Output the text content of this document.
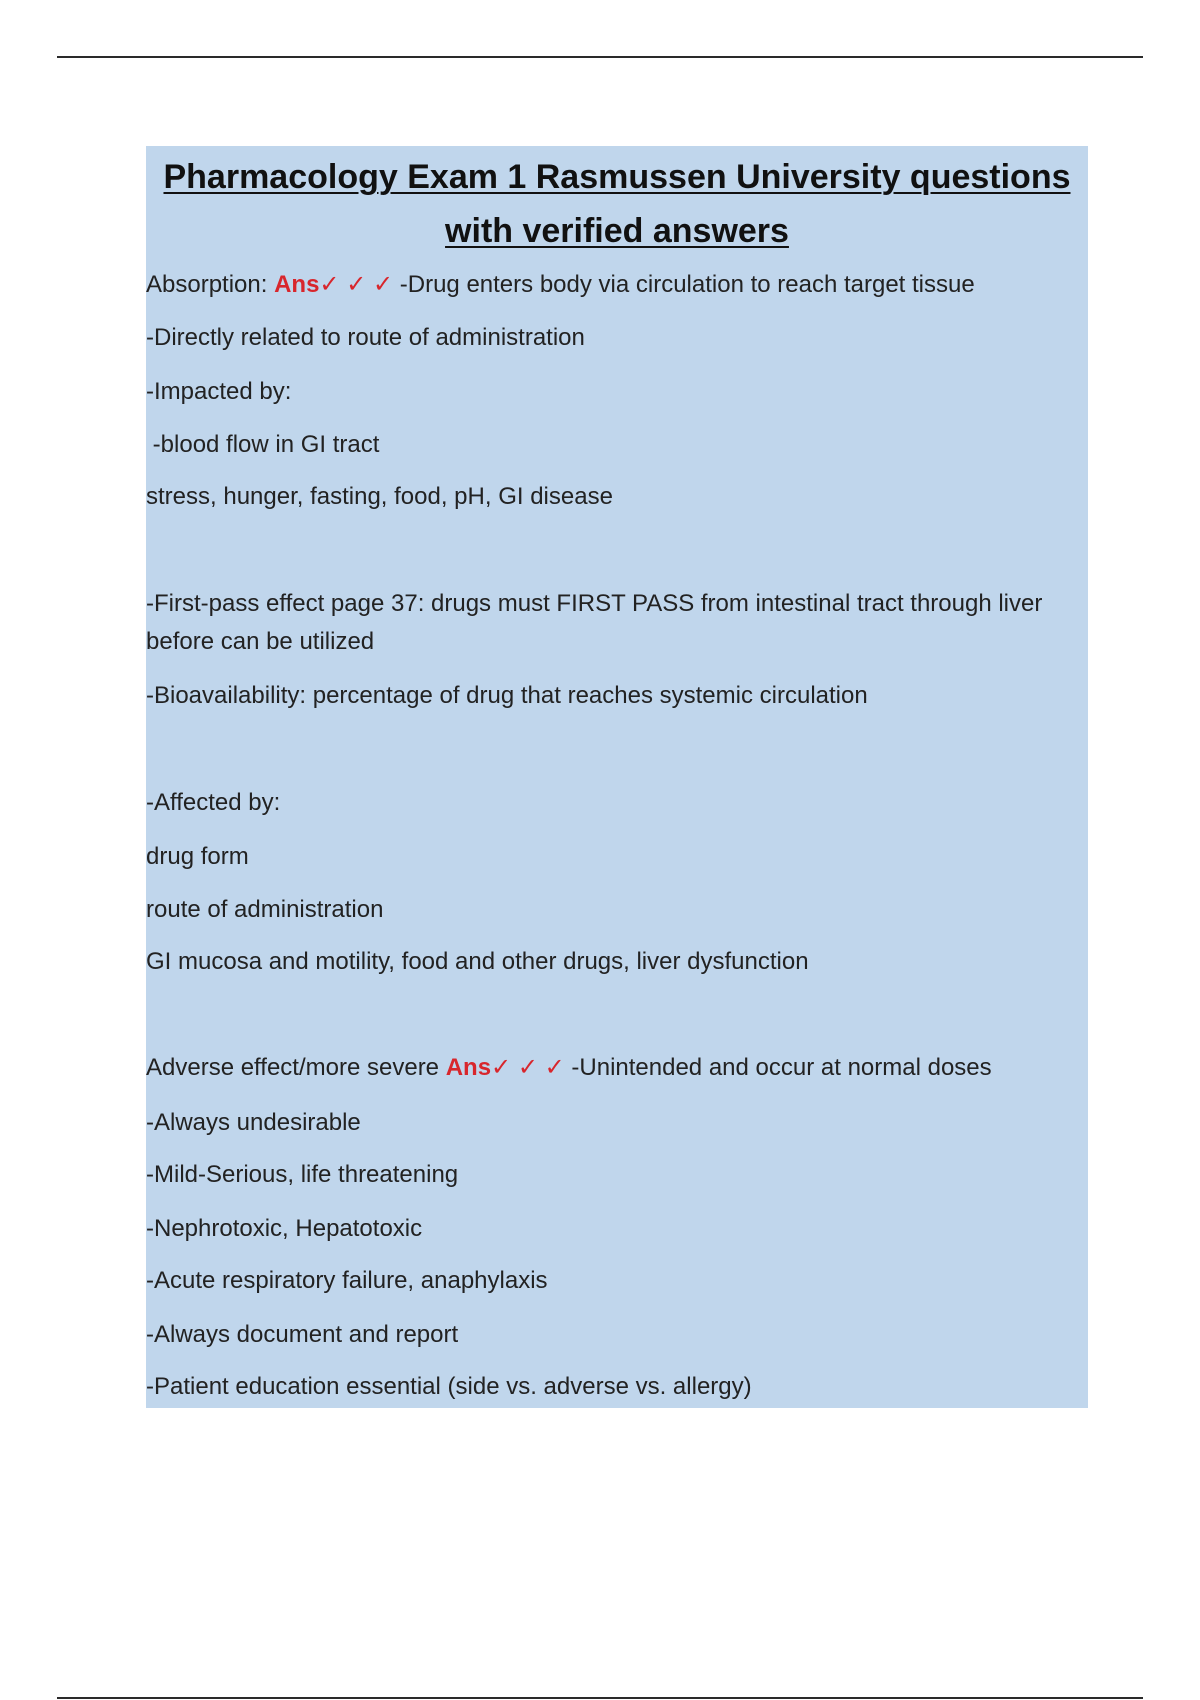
Pharmacology Exam 1 Rasmussen University questions
with verified answers
Absorption: Ans✓ ✓ ✓ -Drug enters body via circulation to reach target tissue
-Directly related to route of administration
-Impacted by:
-blood flow in GI tract
stress, hunger, fasting, food, pH, GI disease
-First-pass effect page 37: drugs must FIRST PASS from intestinal tract through liver before can be utilized
-Bioavailability: percentage of drug that reaches systemic circulation
-Affected by:
drug form
route of administration
GI mucosa and motility, food and other drugs, liver dysfunction
Adverse effect/more severe Ans✓ ✓ ✓ -Unintended and occur at normal doses
-Always undesirable
-Mild-Serious, life threatening
-Nephrotoxic, Hepatotoxic
-Acute respiratory failure, anaphylaxis
-Always document and report
-Patient education essential (side vs. adverse vs. allergy)
